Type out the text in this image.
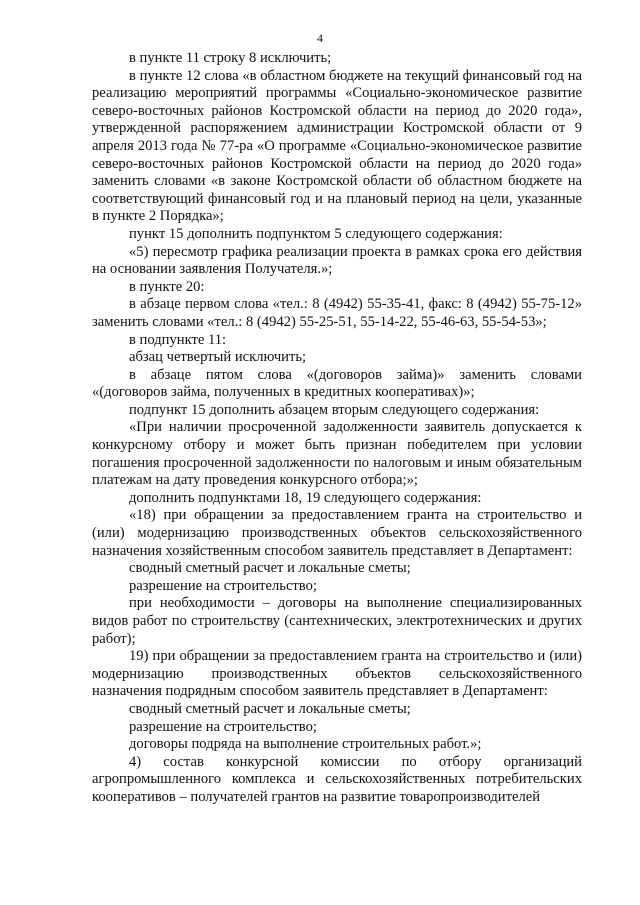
4

в пункте 11 строку 8 исключить;

в пункте 12 слова «в областном бюджете на текущий финансовый год на реализацию мероприятий программы «Социально-экономическое развитие северо-восточных районов Костромской области на период до 2020 года», утвержденной распоряжением администрации Костромской области от 9 апреля 2013 года № 77-ра «О программе «Социально-экономическое развитие северо-восточных районов Костромской области на период до 2020 года» заменить словами «в законе Костромской области об областном бюджете на соответствующий финансовый год и на плановый период на цели, указанные в пункте 2 Порядка»;

пункт 15 дополнить подпунктом 5 следующего содержания:

«5) пересмотр графика реализации проекта в рамках срока его действия на основании заявления Получателя.»;

в пункте 20:

в абзаце первом слова «тел.: 8 (4942) 55-35-41, факс: 8 (4942) 55-75-12» заменить словами «тел.: 8 (4942) 55-25-51, 55-14-22, 55-46-63, 55-54-53»;

в подпункте 11:

абзац четвертый исключить;

в абзаце пятом слова «(договоров займа)» заменить словами «(договоров займа, полученных в кредитных кооперативах)»;

подпункт 15 дополнить абзацем вторым следующего содержания:

«При наличии просроченной задолженности заявитель допускается к конкурсному отбору и может быть признан победителем при условии погашения просроченной задолженности по налоговым и иным обязательным платежам на дату проведения конкурсного отбора;»;

дополнить подпунктами 18, 19 следующего содержания:

«18) при обращении за предоставлением гранта на строительство и (или) модернизацию производственных объектов сельскохозяйственного назначения хозяйственным способом заявитель представляет в Департамент:

сводный сметный расчет и локальные сметы;

разрешение на строительство;

при необходимости – договоры на выполнение специализированных видов работ по строительству (сантехнических, электротехнических и других работ);

19) при обращении за предоставлением гранта на строительство и (или) модернизацию производственных объектов сельскохозяйственного назначения подрядным способом заявитель представляет в Департамент:

сводный сметный расчет и локальные сметы;

разрешение на строительство;

договоры подряда на выполнение строительных работ.»;

4) состав конкурсной комиссии по отбору организаций агропромышленного комплекса и сельскохозяйственных потребительских кооперативов – получателей грантов на развитие товаропроизводителей
